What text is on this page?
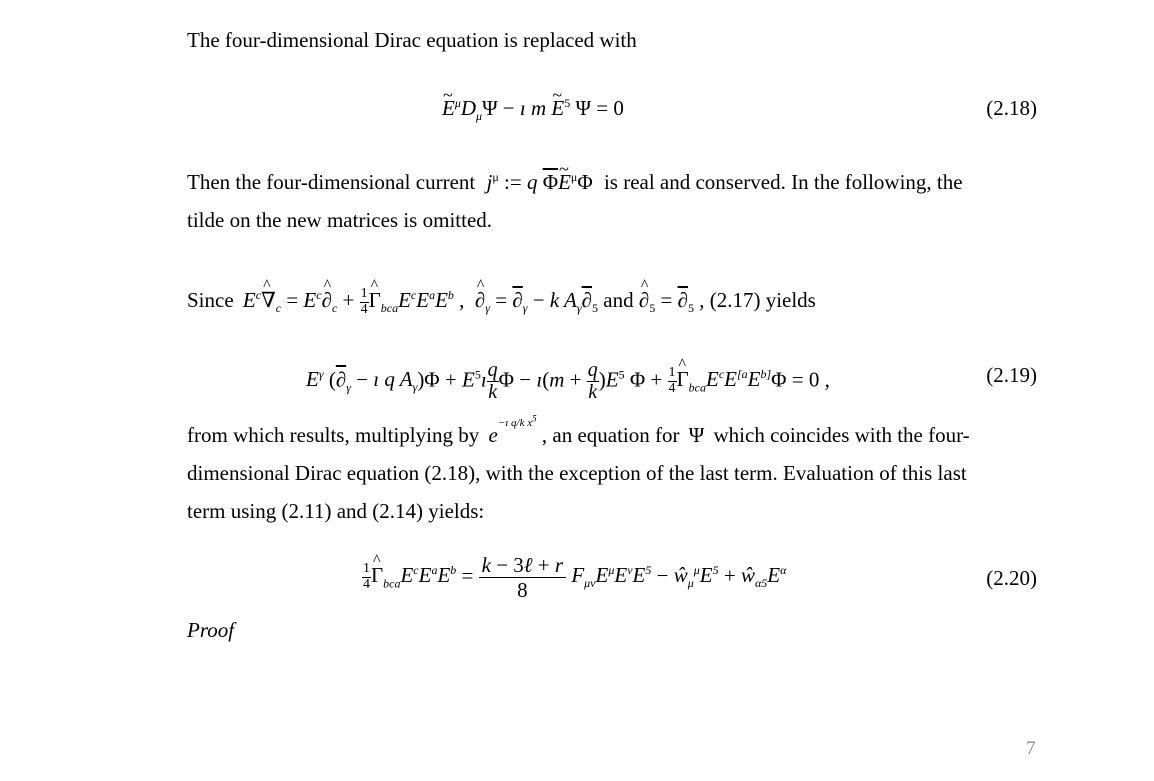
The four-dimensional Dirac equation is replaced with
~ $E^\mu D_\mu\Psi$ − ı m ~ $E^5$ Ψ = 0	(2.18)
Then the four-dimensional current $j^\mu$ := q $\overline{\Phi}\sim$ $E^\mu\Phi$ is real and conserved. In the following, the
tilde on the new matrices is omitted.
Since $E^c\^{}$ $\nabla_c$ = $E^c\^{}$ $\partial_c + \frac{1}{4}$ ^ $\Gamma_{bca}E^cE^aE^b$ ,  ^ $\partial_\gamma = \partial_\gamma - k$ $A_\gamma\partial_5$ and ^ $\partial_5 = \partial_5$ , (2.17) yields
$E^\gamma$ ($\partial_\gamma$ − ı q $A_\gamma)\Phi$ + $E^5ı \frac{q}{k}$ Φ − ı(m + $\frac{q}{k} )E^5$ $\Phi + \frac{1}{4}$ ^ $\Gamma_{bca}E^cE^{[a}E^{b]}\Phi = 0$ ,	(2.19)
from which results, multiplying by $e^{-ı q/k x^5}$ , an equation for Ψ which coincides with the four-
dimensional Dirac equation (2.18), with the exception of the last term. Evaluation of this last
term using (2.11) and (2.14) yields:
$\frac{1}{4}$ ^ $\Gamma_{bca}E^cE^aE^b = k$ − 3ℓ + r
8
$F_{\mu\nu}E^\mu E^\nu E^5$ − $ŵ_\mu^\mu E^5$ + $ŵ_{\alpha 5}E^\alpha$	(2.20)
Proof
7
